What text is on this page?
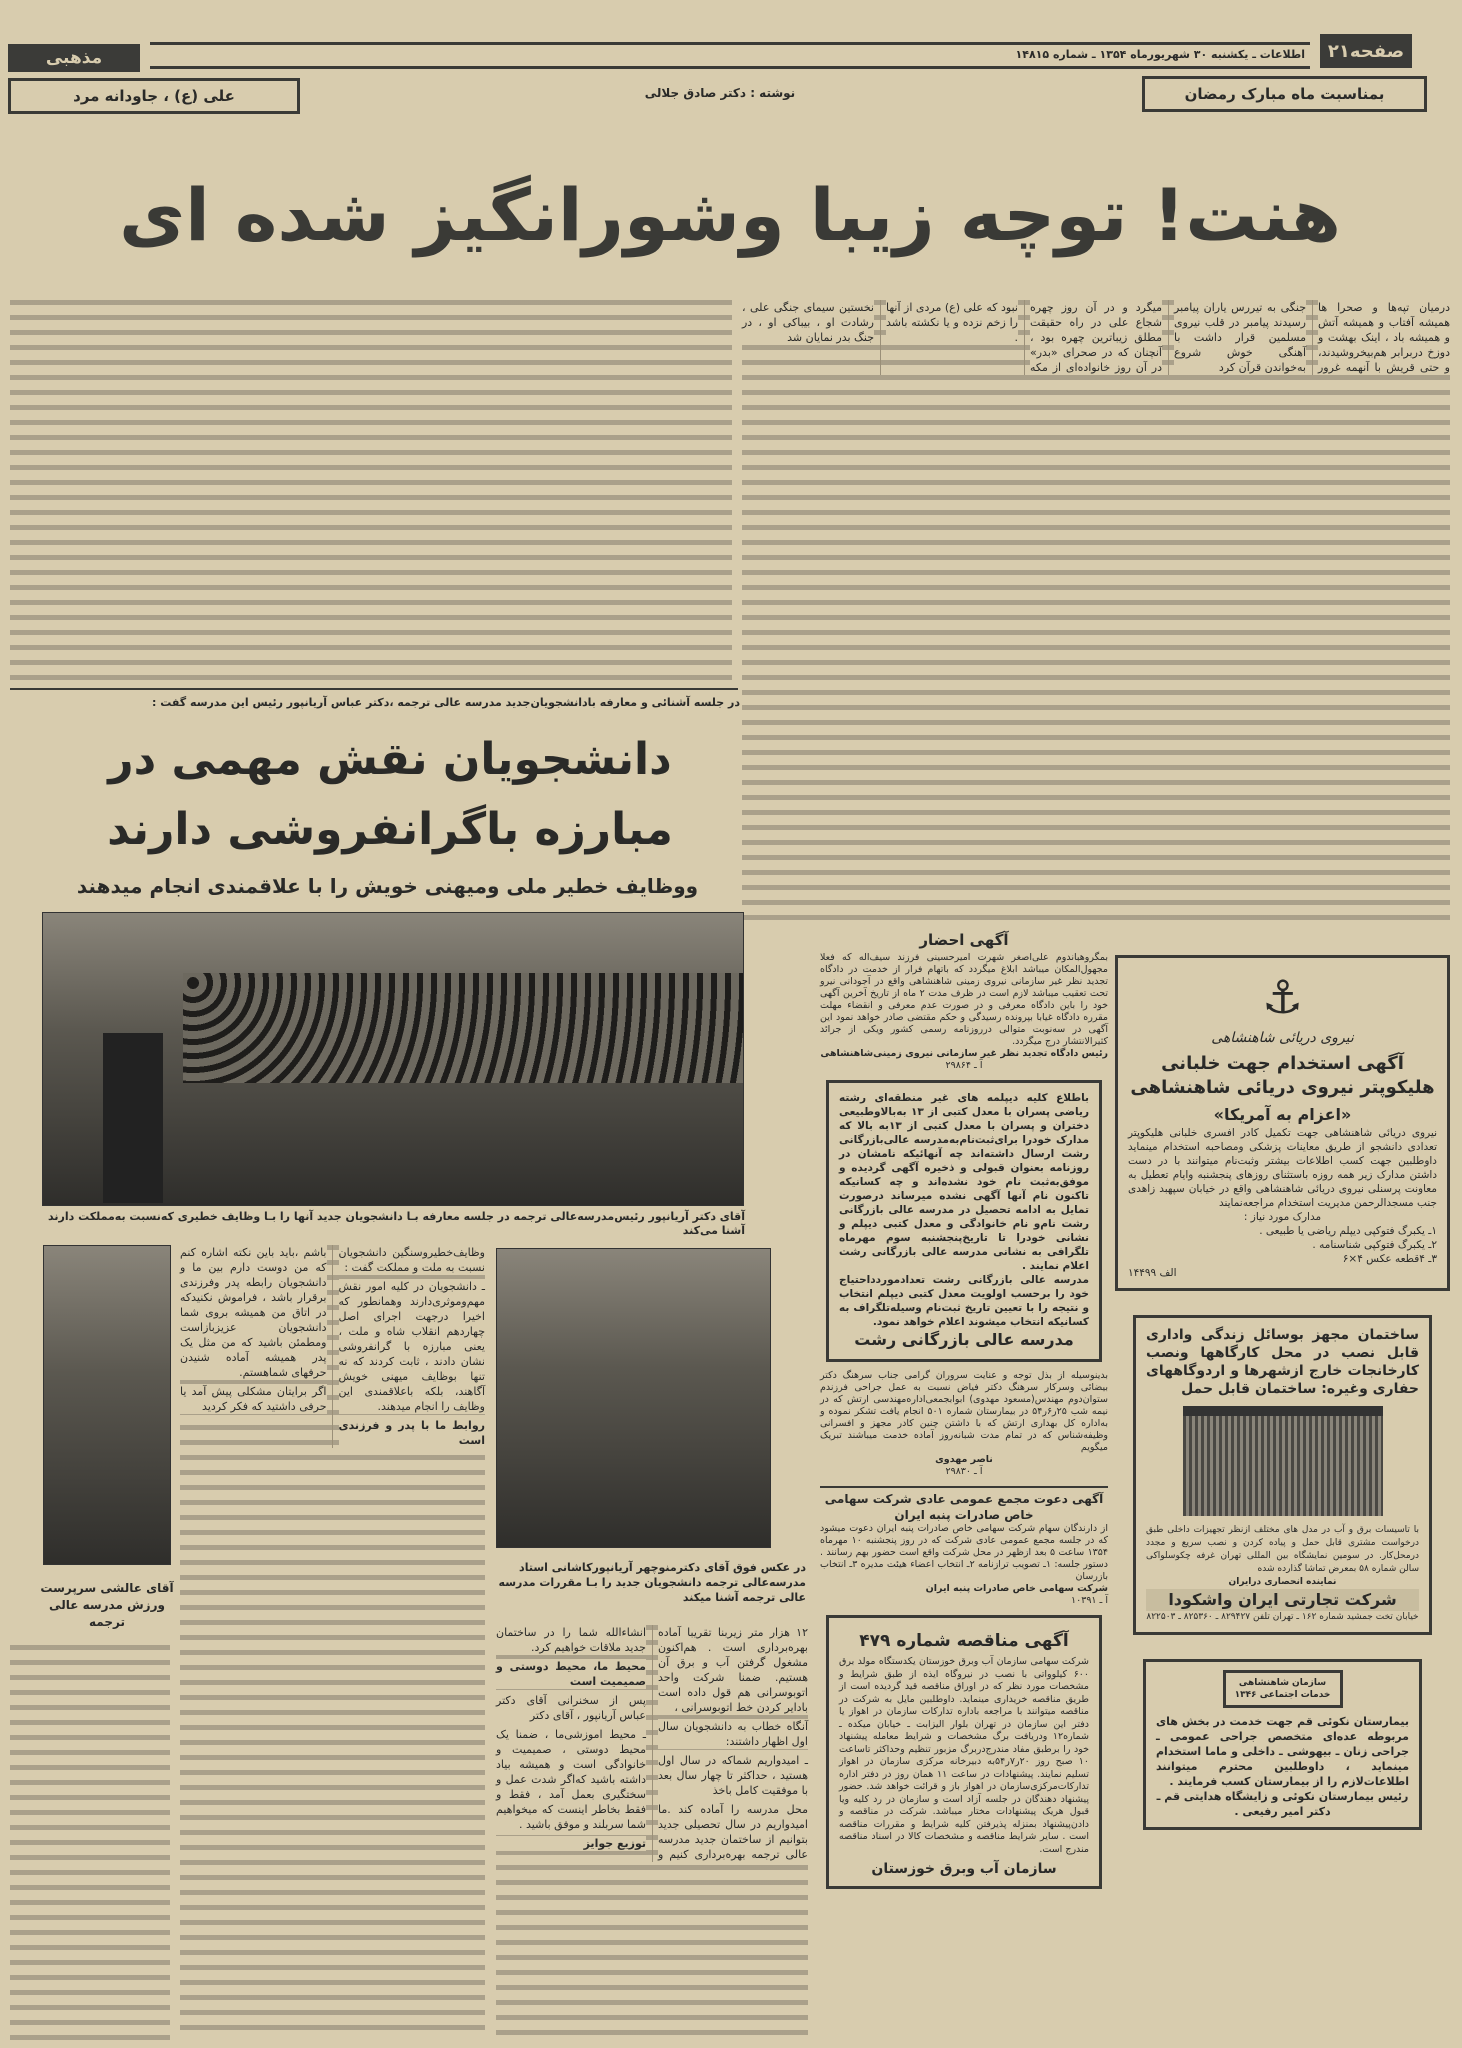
صفحه۲۱
اطلاعات ـ یکشنبه ۳۰ شهریورماه ۱۳۵۴ ـ شماره ۱۴۸۱۵
مذهبی
بمناسبت ماه مبارک رمضان
نوشته : دکتر صادق جلالی
علی (ع) ، جاودانه مرد
هنت! توچه زیبا وشورانگیز شده ای

درمیان تپه‌ها و صحرا ها همیشه آفتاب و همیشه آتش و همیشه باد ، اینک بهشت و دوزخ دربرابر هم‌بیخروشیدند، و حتی قریش با آنهمه غرور جنگی به تیررس یاران پیامبر رسیدند پیامبر در قلب نیروی مسلمین قرار داشت با آهنگی خوش شروع به‌خواندن قرآن کرد

میگرد و در آن روز چهره شجاع علی در راه حقیقت مطلق زیباترین چهره بود ، آنچنان که در صحرای «بدر» در آن روز خانواده‌ای از مکه نبود که علی (ع) مردی از آنها را زخم نزده و یا نکشته باشد .

نخستین سیمای جنگی علی ، رشادت او ، بیباکی او ، در جنگ بدر نمایان شد

در جلسه آشنائی و معارفه بادانشجویان‌جدید مدرسه عالی ترجمه ،دکتر عباس آریانپور رئیس این مدرسه گفت :
دانشجویان نقش مهمی در
مبارزه باگرانفروشی دارند
ووظایف خطیر ملی ومیهنی خویش را با علاقمندی انجام میدهند
آقای دکتر آریانپور رئیس‌مدرسه‌عالی ترجمه در جلسه معارفه بـا دانشجویان جدید آنها را بـا وظایف خطیری که‌نسبت به‌مملکت دارند آشنا می‌کند
آقای عالشی سرپرست ورزش مدرسه عالی ترجمه

وظایف‌خطیروسنگین دانشجویان نسبت به ملت و مملکت گفت :

ـ دانشجویان در کلیه امور نقش مهم‌وموثری‌دارند وهمانطور که اخیرا درجهت اجرای اصل چهاردهم انقلاب شاه و ملت ، یعنی مبارزه با گرانفروشی نشان دادند ، ثابت کردند که نه تنها بوظایف میهنی خویش آگاهند، بلکه باعلاقمندی این وظایف را انجام میدهند.

روابط ما با پدر و فرزندی است

باشم ،باید باین نکته اشاره کنم که من دوست دارم بین ما و دانشجویان رابطه پدر وفرزندی برقرار باشد ، فراموش نکنیدکه در اتاق من همیشه بروی شما دانشجویان عزیزبازاست ومطمئن باشید که من مثل یک پدر همیشه آماده شنیدن حرفهای شماهستم.

اگر برایتان مشکلی پیش آمد یا حرفی داشتید که فکر کردید

در عکس فوق آقای دکترمنوچهر آریانپورکاشانی استاد مدرسه‌عالی ترجمه دانشجویان جدید را بـا مقررات مدرسه عالی ترجمه آشنا میکند

۱۲ هزار متر زیربنا تقریبا آماده بهره‌برداری است . هم‌اکنون مشغول گرفتن آب و برق آن هستیم. ضمنا شرکت واحد اتوبوسرانی هم قول داده است بادایر کردن خط اتوبوسرانی ،

آنگاه خطاب به دانشجویان سال اول اظهار داشتند:

ـ امیدواریم شماکه در سال اول هستید ، حداکثر تا چهار سال بعد با موفقیت کامل باخذ

محل مدرسه را آماده کند .ما امیدواریم در سال تحصیلی جدید بتوانیم از ساختمان جدید مدرسه عالی ترجمه بهره‌برداری کنیم و انشاءالله شما را در ساختمان جدید ملاقات خواهیم کرد.

محیط ما، محیط دوستی و صمیمیت است

پس از سخنرانی آقای دکتر عباس آریانپور ، آقای دکتر

ـ محیط اموزشی‌ما ، ضمنا یک محیط دوستی ، صمیمیت و خانوادگی است و همیشه بیاد داشته باشید که‌اگر شدت عمل و سختگیری بعمل آمد ، فقط و فقط بخاطر اینست که میخواهیم شما سربلند و موفق باشید .

توزیع جوایز

آگهی احضار
بمگروهباندوم علی‌اصغر شهرت امیرحسینی فرزند سیف‌اله که فعلا مجهول‌المکان میباشد ابلاغ میگردد که باتهام فرار از خدمت در دادگاه تجدید نظر غیر سازمانی نیروی زمینی شاهنشاهی واقع در آجودانی نیرو تحت تعقیب میباشد لازم است در ظرف مدت ۲ ماه از تاریخ آخرین آگهی خود را باین دادگاه معرفی و در صورت عدم معرفی و انقضاء مهلت مقرره دادگاه غیابا بپرونده رسیدگی و حکم مقتضی صادر خواهد نمود این آگهی در سه‌نوبت متوالی درروزنامه رسمی کشور ویکی از جرائد کثیرالانتشار درج میگردد.
رئیس دادگاه تجدید نظر غیر سازمانی نیروی زمینی‌شاهنشاهی
آ ـ ۲۹۸۶۴
باطلاع کلیه دیپلمه های غیر منطقه‌ای رشته ریاضی پسران با معدل کتبی از ۱۳ به‌بالاوطبیعی دختران و پسران با معدل کتبی از ۱۳به بالا که مدارک خودرا برای‌ثبت‌نام‌به‌مدرسه عالی‌بازرگانی رشت ارسال داشته‌اند چه آنهائیکه نامشان در روزنامه بعنوان قبولی و ذخیره آگهی گردیده و موفق‌به‌ثبت نام خود نشده‌اند و چه کسانیکه تاکنون نام آنها آگهی نشده میرساند درصورت تمایل به ادامه تحصیل در مدرسه عالی بازرگانی رشت نام‌و نام خانوادگی و معدل کتبی دیپلم و نشانی خودرا تا تاریخ‌پنجشنبه سوم مهرماه تلگرافی به نشانی مدرسه عالی بازرگانی رشت اعلام نمایند .
مدرسه عالی بازرگانی رشت تعدادموردداحتیاج خود را برحسب اولویت معدل کتبی دیپلم انتخاب و نتیجه را با تعیین تاریخ ثبت‌نام وسیله‌تلگراف به کسانیکه انتخاب میشوند اعلام خواهد نمود.
مدرسه عالی بازرگانی رشت
بدینوسیله از بذل توجه و عنایت سروران گرامی جناب سرهنگ دکتر بیضائی وسرکار سرهنگ دکتر فیاض نسبت به عمل جراحی فرزندم ستوان‌دوم مهندس(مسعود مهدوی) ابوابجمعی‌اداره‌مهندسی ارتش که در نیمه شب ۲۵ر۶ر۵۴ در بیمارستان شماره ۵۰۱ انجام یافت تشکر نموده و به‌اداره کل بهداری ارتش که با داشتن چنین کادر مجهز و افسرانی وظیفه‌شناس که در تمام مدت شبانه‌روز آماده خدمت میباشند تبریک میگویم
ناصر مهدوی
آ ـ ۲۹۸۳۰
آگهی دعوت مجمع عمومی عادی شرکت سهامی خاص صادرات پنبه ایران
از دارندگان سهام شرکت سهامی خاص صادرات پنبه ایران دعوت میشود که در جلسه مجمع عمومی عادی شرکت که در روز پنجشنبه ۱۰ مهرماه ۱۳۵۴ ساعت ۵ بعد ازظهر در محل شرکت واقع است حضور بهم رسانند . دستور جلسه: ۱ـ تصویب ترازنامه ۲ـ انتخاب اعضاء هیئت مدیره ۳ـ انتخاب بازرسان
شرکت سهامی خاص صادرات پنبه ایران
آ ـ ۱۰۳۹۱
آگهی مناقصه شماره ۴۷۹
شرکت سهامی سازمان آب وبرق خوزستان یکدستگاه مولد برق ۶۰۰ کیلوواتی با نصب در نیروگاه ایذه از طبق شرایط و مشخصات مورد نظر که در اوراق مناقصه قید گردیده است از طریق مناقصه خریداری مینماید. داوطلبین مایل به شرکت در مناقصه میتوانند با مراجعه باداره تدارکات سازمان در اهواز یا دفتر این سازمان در تهران بلوار الیزابت ـ خیابان میکده ـ شماره۱۲ ودریافت برگ مشخصات و شرایط معامله پیشنهاد خود را برطبق مفاد مندرج‌دربرگ مزبور تنظیم وحداکثر تاساعت ۱۰ صبح روز ۲۰ر۷ر۵۴به دبیرخانه مرکزی سازمان در اهواز تسلیم نمایند. پیشنهادات در ساعت ۱۱ همان روز در دفتر اداره تدارکات‌مرکزی‌سازمان در اهواز باز و قرائت خواهد شد. حضور پیشنهاد دهندگان در جلسه آزاد است و سازمان در رد کلیه ویا قبول هریک پیشنهادات مختار میباشد. شرکت در مناقصه و دادن‌پیشنهاد بمنزله پذیرفتن کلیه شرایط و مقررات مناقصه است . سایر شرایط مناقصه و مشخصات کالا در اسناد مناقصه مندرج است.
سازمان آب وبرق خوزستان
⚓
نیروی دریائی شاهنشاهی
آگهی استخدام جهت خلبانی هلیکوپتر نیروی دریائی شاهنشاهی
«اعزام به آمریکا»
نیروی دریائی شاهنشاهی جهت تکمیل کادر افسری خلبانی هلیکوپتر تعدادی دانشجو از طریق معاینات پزشکی ومصاحبه استخدام مینماید داوطلبین جهت کسب اطلاعات بیشتر وثبت‌نام میتوانند با در دست داشتن مدارک زیر همه روزه باستثنای روزهای پنجشنبه وایام تعطیل به معاونت پرسنلی نیروی دریائی شاهنشاهی واقع در خیابان سپهبد زاهدی جنب مسجدالرحمن مدیریت استخدام مراجعه‌نمایند
مدارک مورد نیاز :
۱ـ یکبرگ فتوکپی دیپلم ریاضی یا طبیعی .
۲ـ یکبرگ فتوکپی شناسنامه .
۳ـ ۴قطعه عکس ۴×۶
الف ۱۴۴۹۹
ساختمان مجهز بوسائل زندگی واداری قابل نصب در محل کارگاهها ونصب کارخانجات خارج ازشهرها و اردوگاههای حفاری وغیره: ساختمان قابل حمل
با تاسیسات برق و آب در مدل های مختلف ازنظر تجهیزات داخلی طبق درخواست مشتری قابل حمل و پیاده کردن و نصب سریع و مجدد درمحل‌کار. در سومین نمایشگاه بین المللی تهران غرفه چکوسلواکی سالن شماره ۵۸ بمعرض تماشا گذارده شده
نماینده انحصاری درایران
شرکت تجارتی ایران واشکودا
خیابان تخت جمشید شماره ۱۶۲ ـ تهران تلفن ۸۲۹۴۲۷ ـ ۸۲۵۳۶۰ ـ ۸۲۲۵۰۳
سازمان شاهنشاهی خدمات اجتماعی ۱۳۴۶
بیمارستان نکوئی قم جهت خدمت در بخش های مربوطه عده‌ای متخصص جراحی عمومی ـ جراحی زنان ـ بیهوشی ـ داخلی و ماما استخدام مینماید ، داوطلبین محترم میتوانند اطلاعات‌لازم را از بیمارستان کسب فرمایند .
رئیس بیمارستان نکوئی و زایشگاه هدایتی قم ـ دکتر امیر رفیعی .
